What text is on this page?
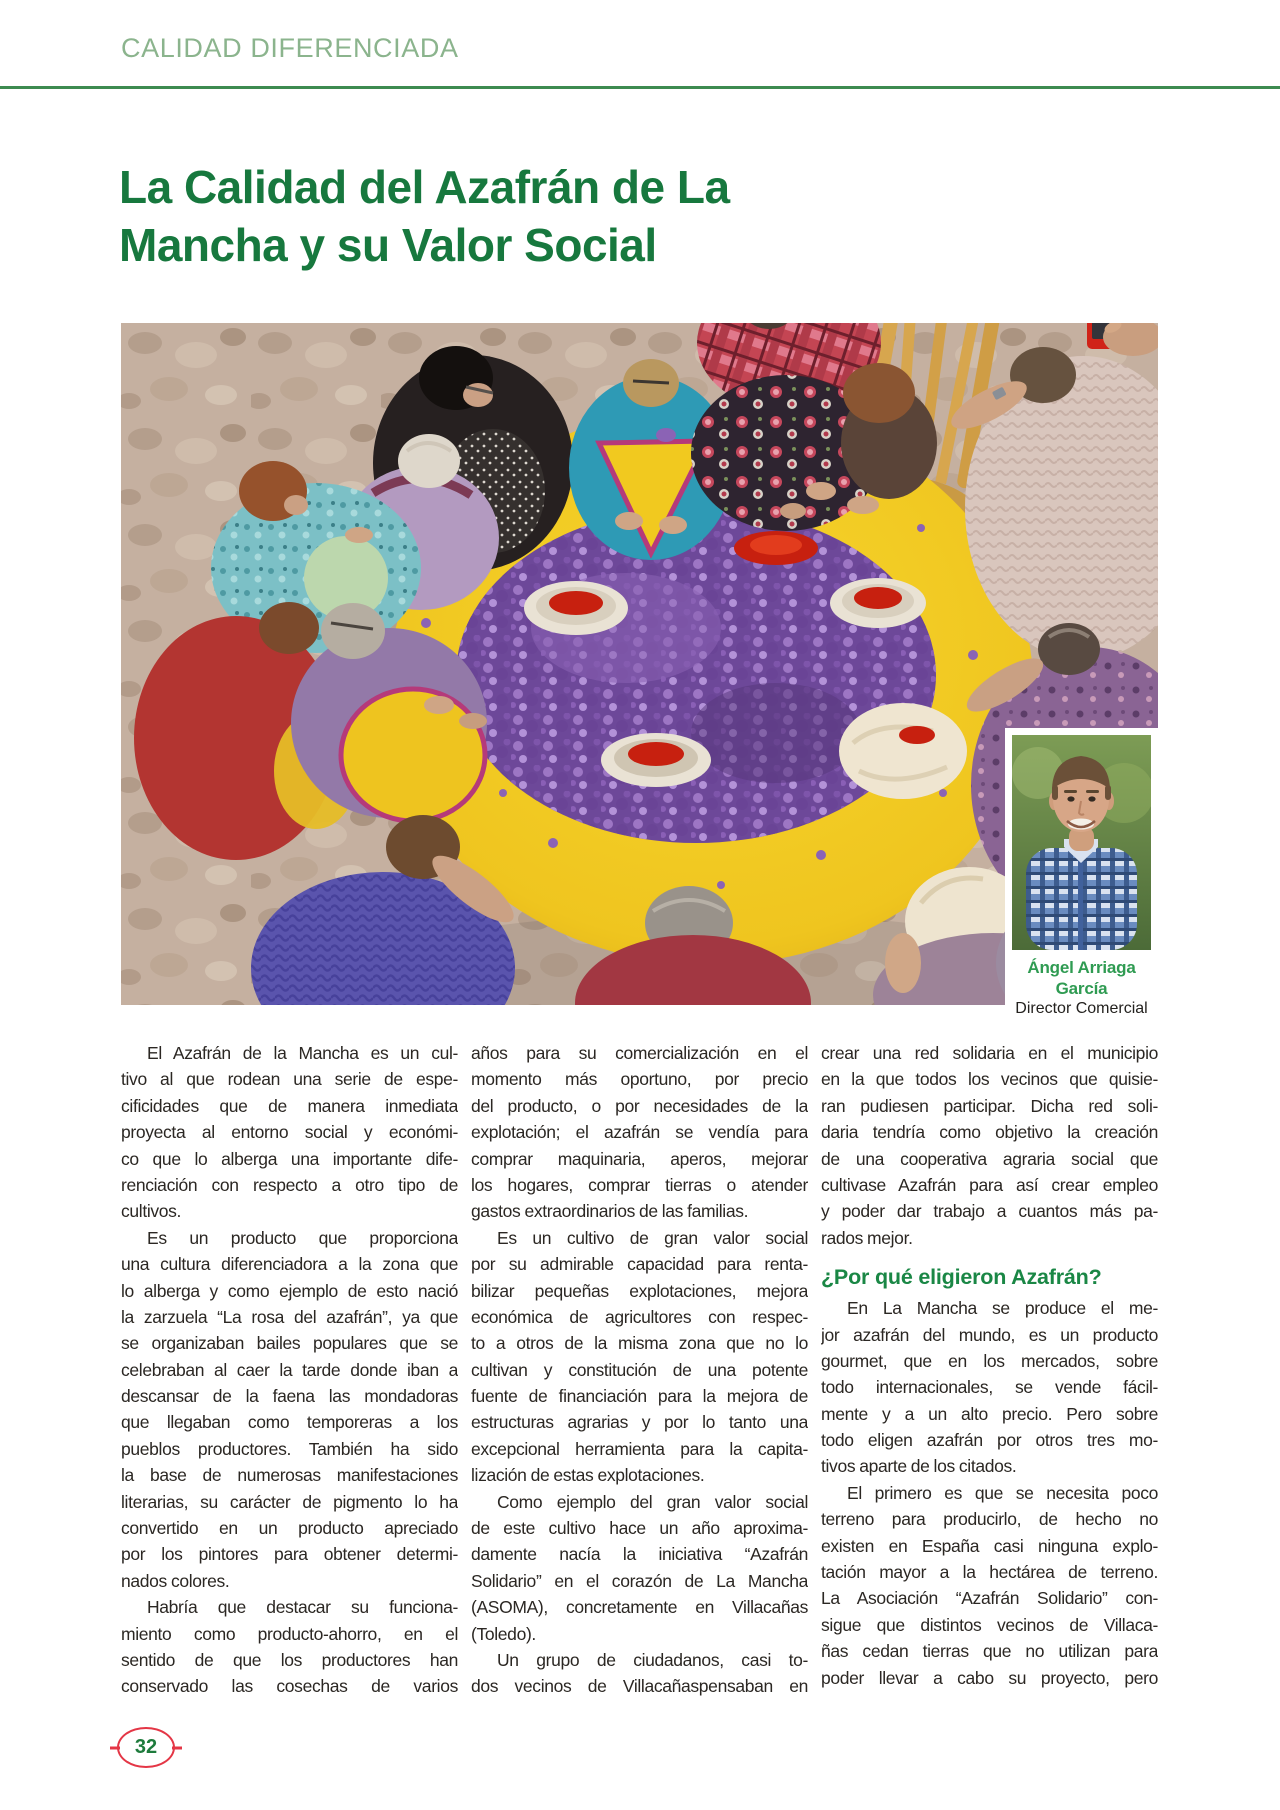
CALIDAD DIFERENCIADA
La Calidad del Azafrán de La
Mancha y su Valor Social
Ángel Arriaga García
Director Comercial
El Azafrán de la Mancha es un cul-
tivo al que rodean una serie de espe-
cificidades que de manera inmediata
proyecta al entorno social y económi-
co que lo alberga una importante dife-
renciación con respecto a otro tipo de
cultivos.
Es un producto que proporciona
una cultura diferenciadora a la zona que
lo alberga y como ejemplo de esto nació
la zarzuela “La rosa del azafrán”, ya que
se organizaban bailes populares que se
celebraban al caer la tarde donde iban a
descansar de la faena las mondadoras
que llegaban como temporeras a los
pueblos productores. También ha sido
la base de numerosas manifestaciones
literarias, su carácter de pigmento lo ha
convertido en un producto apreciado
por los pintores para obtener determi-
nados colores.
Habría que destacar su funciona-
miento como producto-ahorro, en el
sentido de que los productores han
conservado las cosechas de varios
años para su comercialización en el
momento más oportuno, por precio
del producto, o por necesidades de la
explotación; el azafrán se vendía para
comprar maquinaria, aperos, mejorar
los hogares, comprar tierras o atender
gastos extraordinarios de las familias.
Es un cultivo de gran valor social
por su admirable capacidad para renta-
bilizar pequeñas explotaciones, mejora
económica de agricultores con respec-
to a otros de la misma zona que no lo
cultivan y constitución de una potente
fuente de financiación para la mejora de
estructuras agrarias y por lo tanto una
excepcional herramienta para la capita-
lización de estas explotaciones.
Como ejemplo del gran valor social
de este cultivo hace un año aproxima-
damente nacía la iniciativa “Azafrán
Solidario” en el corazón de La Mancha
(ASOMA), concretamente en Villacañas
(Toledo).
Un grupo de ciudadanos, casi to-
dos vecinos de Villacañaspensaban en
crear una red solidaria en el municipio
en la que todos los vecinos que quisie-
ran pudiesen participar. Dicha red soli-
daria tendría como objetivo la creación
de una cooperativa agraria social que
cultivase Azafrán para así crear empleo
y poder dar trabajo a cuantos más pa-
rados mejor.
¿Por qué eligieron Azafrán?
En La Mancha se produce el me-
jor azafrán del mundo, es un producto
gourmet, que en los mercados, sobre
todo internacionales, se vende fácil-
mente y a un alto precio. Pero sobre
todo eligen azafrán por otros tres mo-
tivos aparte de los citados.
El primero es que se necesita poco
terreno para producirlo, de hecho no
existen en España casi ninguna explo-
tación mayor a la hectárea de terreno.
La Asociación “Azafrán Solidario” con-
sigue que distintos vecinos de Villaca-
ñas cedan tierras que no utilizan para
poder llevar a cabo su proyecto, pero
32
